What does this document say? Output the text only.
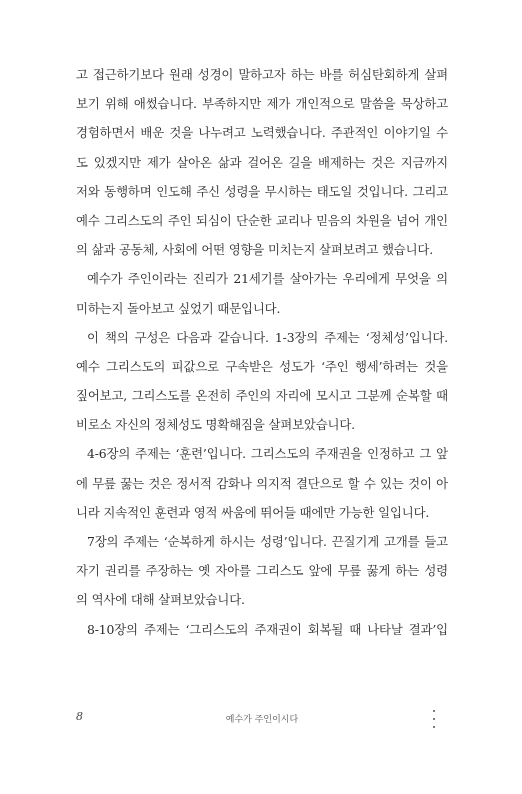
고 접근하기보다 원래 성경이 말하고자 하는 바를 허심탄회하게 살펴
보기 위해 애썼습니다. 부족하지만 제가 개인적으로 말씀을 묵상하고
경험하면서 배운 것을 나누려고 노력했습니다. 주관적인 이야기일 수
도 있겠지만 제가 살아온 삶과 걸어온 길을 배제하는 것은 지금까지
저와 동행하며 인도해 주신 성령을 무시하는 태도일 것입니다. 그리고
예수 그리스도의 주인 되심이 단순한 교리나 믿음의 차원을 넘어 개인
의 삶과 공동체, 사회에 어떤 영향을 미치는지 살펴보려고 했습니다.
예수가 주인이라는 진리가 21세기를 살아가는 우리에게 무엇을 의
미하는지 돌아보고 싶었기 때문입니다.
이 책의 구성은 다음과 같습니다. 1-3장의 주제는 ‘정체성’입니다.
예수 그리스도의 피값으로 구속받은 성도가 ‘주인 행세’하려는 것을
짚어보고, 그리스도를 온전히 주인의 자리에 모시고 그분께 순복할 때
비로소 자신의 정체성도 명확해짐을 살펴보았습니다.
4-6장의 주제는 ‘훈련’입니다. 그리스도의 주재권을 인정하고 그 앞
에 무릎 꿇는 것은 정서적 감화나 의지적 결단으로 할 수 있는 것이 아
니라 지속적인 훈련과 영적 싸움에 뛰어들 때에만 가능한 일입니다.
7장의 주제는 ‘순복하게 하시는 성령’입니다. 끈질기게 고개를 들고
자기 권리를 주장하는 옛 자아를 그리스도 앞에 무릎 꿇게 하는 성령
의 역사에 대해 살펴보았습니다.
8-10장의 주제는 ‘그리스도의 주재권이 회복될 때 나타날 결과’입
8	예수가 주인이시다
